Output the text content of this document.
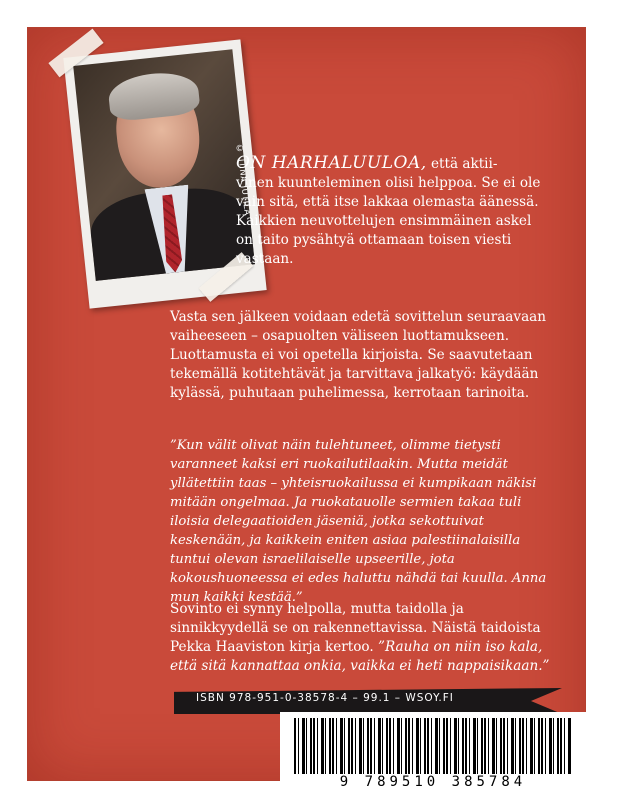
© TIINA JUTILA

ON HARHALUULOA, että aktii-
vinen kuunteleminen olisi helppoa. Se ei ole
vain sitä, että itse lakkaa olemasta äänessä.
Kaikkien neuvottelujen ensimmäinen askel
on taito pysähtyä ottamaan toisen viesti
vastaan.

Vasta sen jälkeen voidaan edetä sovittelun seuraavaan vaiheeseen – osapuolten väliseen luottamukseen. Luottamusta ei voi opetella kirjoista. Se saavutetaan tekemällä kotitehtävät ja tarvittava jalkatyö: käydään kylässä, puhutaan puhelimessa, kerrotaan tarinoita.

”Kun välit olivat näin tulehtuneet, olimme tietysti varanneet kaksi eri ruokailutilaakin. Mutta meidät yllätettiin taas – yhteisruokailussa ei kumpikaan näkisi mitään ongelmaa. Ja ruokatauolle sermien takaa tuli iloisia delegaatioiden jäseniä, jotka sekottuivat keskenään, ja kaikkein eniten asiaa palestiinalaisilla tuntui olevan israelilaiselle upseerille, jota kokoushuoneessa ei edes haluttu nähdä tai kuulla. Anna mun kaikki kestää.”

Sovinto ei synny helpolla, mutta taidolla ja sinnikkyydellä se on rakennettavissa. Näistä taidoista Pekka Haaviston kirja kertoo. ”Rauha on niin iso kala, että sitä kannattaa onkia, vaikka ei heti nappaisikaan.”

ISBN 978-951-0-38578-4 – 99.1 – WSOY.FI
9 789510 385784
